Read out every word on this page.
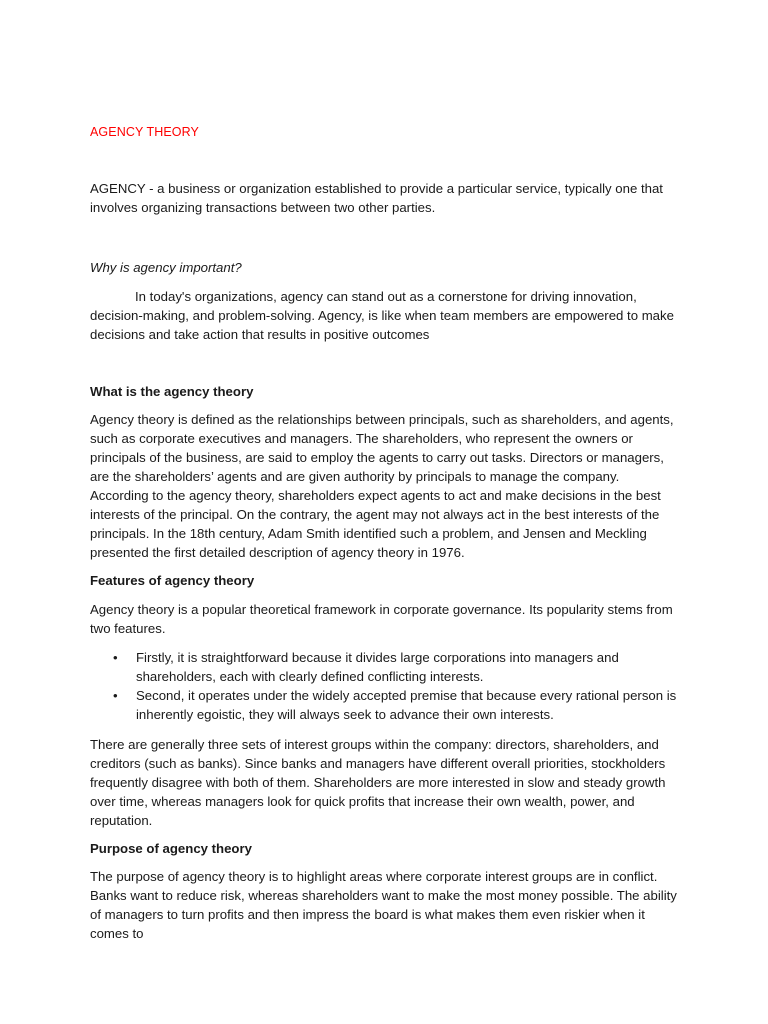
AGENCY THEORY

AGENCY - a business or organization established to provide a particular service, typically one that involves organizing transactions between two other parties.

Why is agency important?

In today's organizations, agency can stand out as a cornerstone for driving innovation, decision-making, and problem-solving. Agency, is like when team members are empowered to make decisions and take action that results in positive outcomes

What is the agency theory

Agency theory is defined as the relationships between principals, such as shareholders, and agents, such as corporate executives and managers. The shareholders, who represent the owners or principals of the business, are said to employ the agents to carry out tasks. Directors or managers, are the shareholders’ agents and are given authority by principals to manage the company. According to the agency theory, shareholders expect agents to act and make decisions in the best interests of the principal. On the contrary, the agent may not always act in the best interests of the principals. In the 18th century, Adam Smith identified such a problem, and Jensen and Meckling presented the first detailed description of agency theory in 1976.

Features of agency theory

Agency theory is a popular theoretical framework in corporate governance. Its popularity stems from two features.

• Firstly, it is straightforward because it divides large corporations into managers and shareholders, each with clearly defined conflicting interests.
• Second, it operates under the widely accepted premise that because every rational person is inherently egoistic, they will always seek to advance their own interests.

There are generally three sets of interest groups within the company: directors, shareholders, and creditors (such as banks). Since banks and managers have different overall priorities, stockholders frequently disagree with both of them. Shareholders are more interested in slow and steady growth over time, whereas managers look for quick profits that increase their own wealth, power, and reputation.

Purpose of agency theory

The purpose of agency theory is to highlight areas where corporate interest groups are in conflict. Banks want to reduce risk, whereas shareholders want to make the most money possible. The ability of managers to turn profits and then impress the board is what makes them even riskier when it comes to
